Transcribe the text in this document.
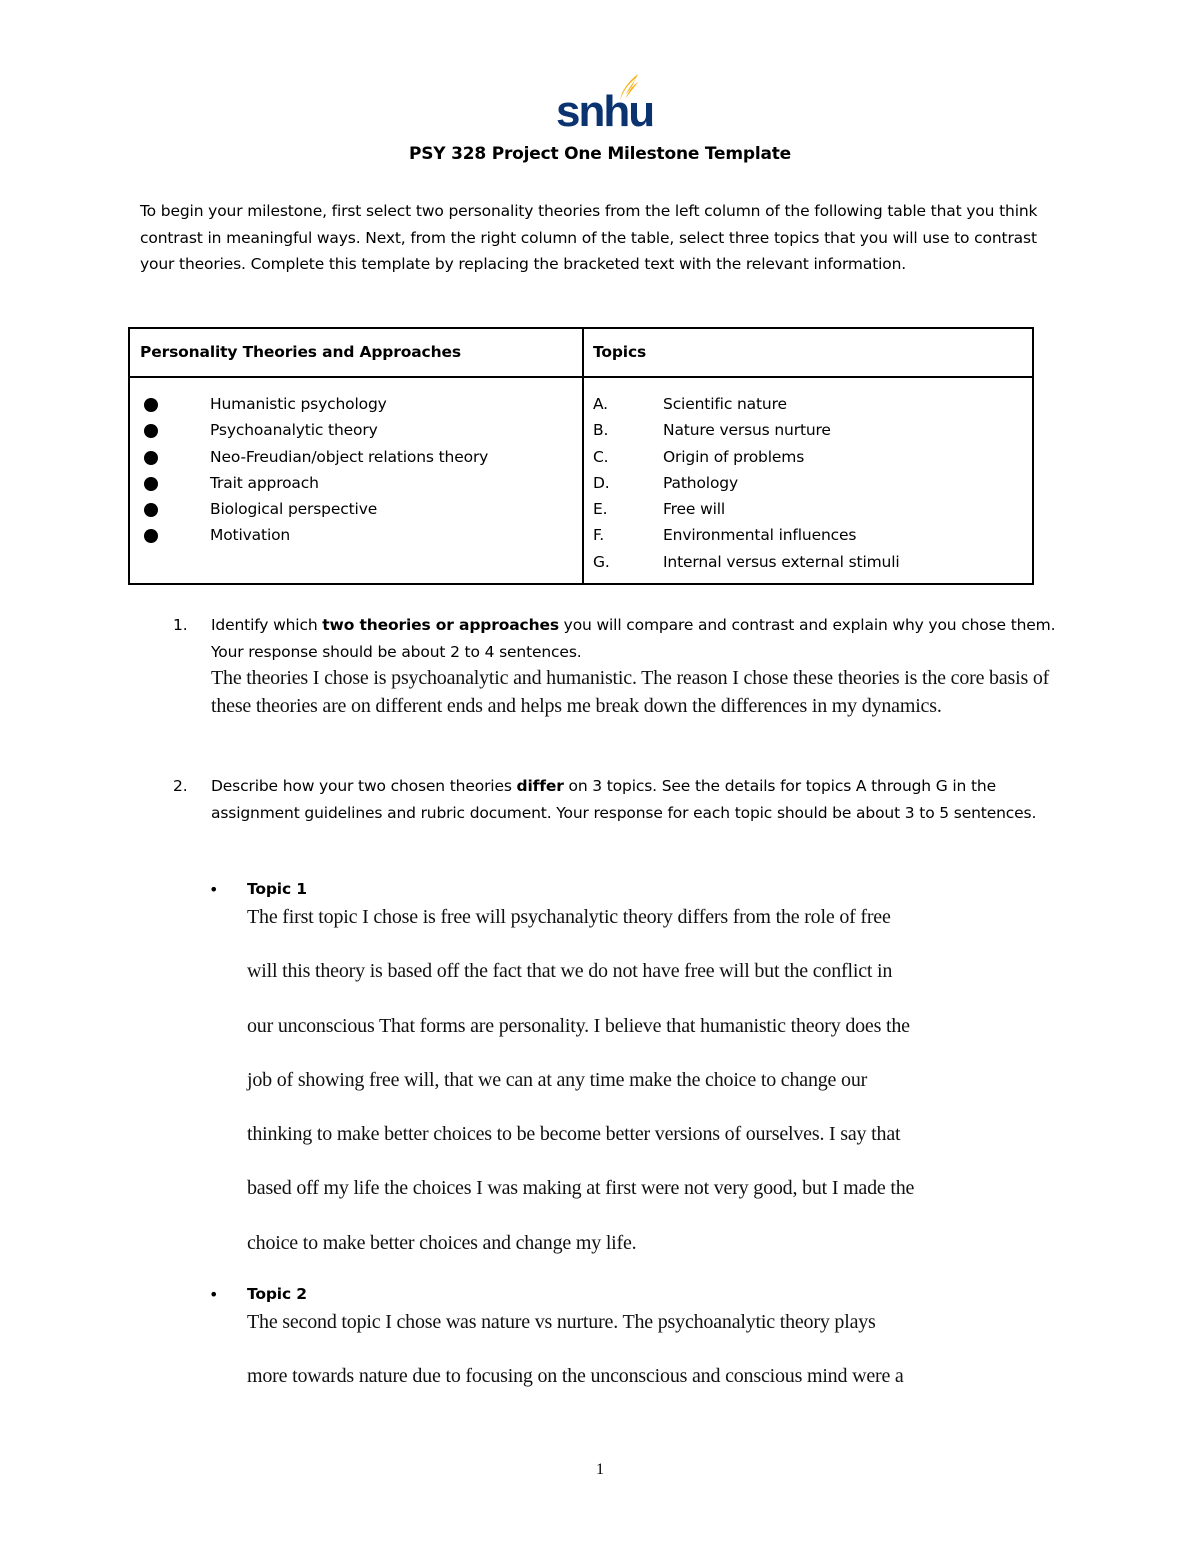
snhu
PSY 328 Project One Milestone Template
To begin your milestone, first select two personality theories from the left column of the following table that you think contrast in meaningful ways. Next, from the right column of the table, select three topics that you will use to contrast your theories. Complete this template by replacing the bracketed text with the relevant information.
Personality Theories and Approaches	Topics
Humanistic psychology
Psychoanalytic theory
Neo-Freudian/object relations theory
Trait approach
Biological perspective
Motivation
A.	Scientific nature
B.	Nature versus nurture
C.	Origin of problems
D.	Pathology
E.	Free will
F.	Environmental influences
G.	Internal versus external stimuli
1. Identify which two theories or approaches you will compare and contrast and explain why you chose them. Your response should be about 2 to 4 sentences.
The theories I chose is psychoanalytic and humanistic. The reason I chose these theories is the core basis of these theories are on different ends and helps me break down the differences in my dynamics.
2. Describe how your two chosen theories differ on 3 topics. See the details for topics A through G in the assignment guidelines and rubric document. Your response for each topic should be about 3 to 5 sentences.
• Topic 1
The first topic I chose is free will psychanalytic theory differs from the role of free
will this theory is based off the fact that we do not have free will but the conflict in
our unconscious That forms are personality. I believe that humanistic theory does the
job of showing free will, that we can at any time make the choice to change our
thinking to make better choices to be become better versions of ourselves. I say that
based off my life the choices I was making at first were not very good, but I made the
choice to make better choices and change my life.
• Topic 2
The second topic I chose was nature vs nurture. The psychoanalytic theory plays
more towards nature due to focusing on the unconscious and conscious mind were a
1
